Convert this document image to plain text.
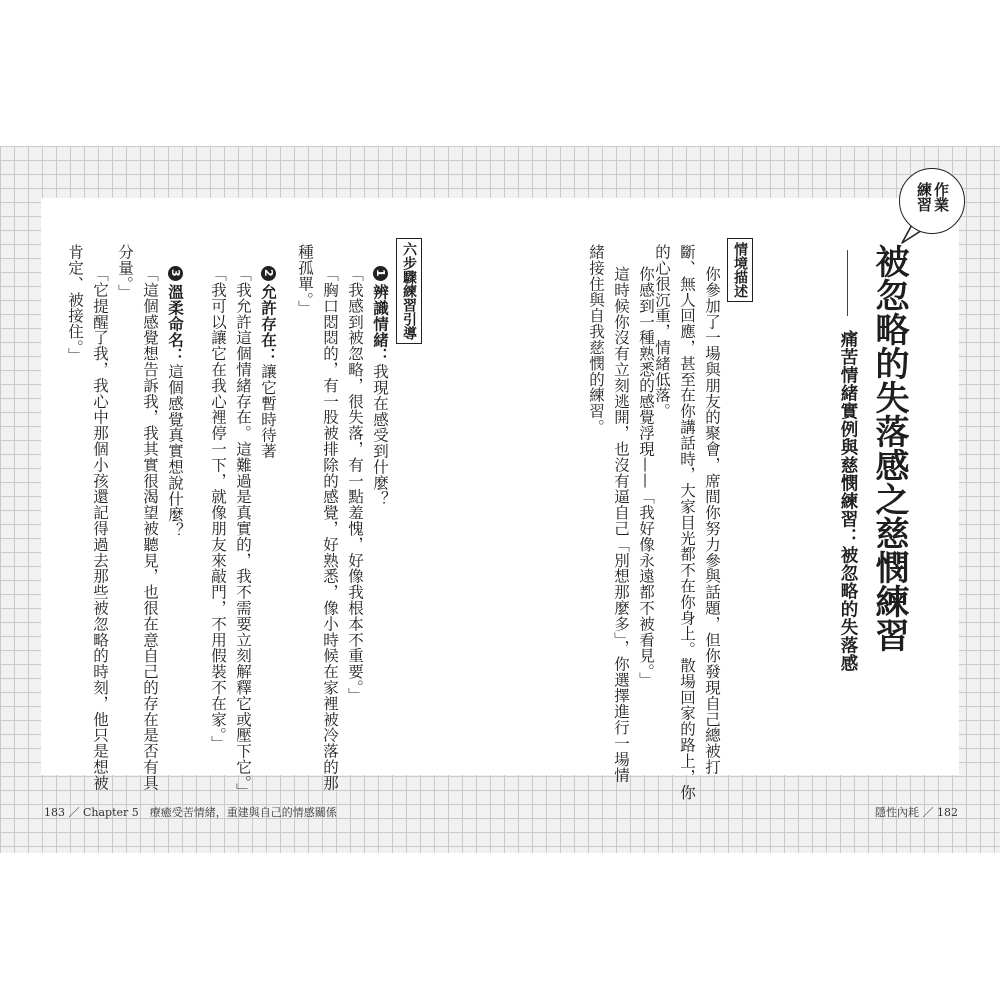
練習 作業
被忽略的失落感之慈憫練習
痛苦情緒實例與慈憫練習：被忽略的失落感
情境描述
你參加了一場與朋友的聚會，席間你努力參與話題，但你發現自己總被打
斷、無人回應，甚至在你講話時，大家目光都不在你身上。散場回家的路上，你
的心很沉重，情緒低落。
你感到一種熟悉的感覺浮現——「我好像永遠都不被看見。」
這時候你沒有立刻逃開，也沒有逼自己「別想那麼多」，你選擇進行一場情
緒接住與自我慈憫的練習。
六步驟練習引導
1辨識情緒：我現在感受到什麼？
「我感到被忽略，很失落，有一點羞愧，好像我根本不重要。」
「胸口悶悶的，有一股被排除的感覺，好熟悉，像小時候在家裡被冷落的那
種孤單。」
2允許存在：讓它暫時待著
「我允許這個情緒存在。這難過是真實的，我不需要立刻解釋它或壓下它。」
「我可以讓它在我心裡停一下，就像朋友來敲門，不用假裝不在家。」
3溫柔命名：這個感覺真實想說什麼？
「這個感覺想告訴我，我其實很渴望被聽見，也很在意自己的存在是否有具
分量。」
「它提醒了我，我心中那個小孩還記得過去那些被忽略的時刻，他只是想被
肯定、被接住。」
183 ／ Chapter 5　療癒受苦情緒，重建與自己的情感關係	隱性內耗 ／ 182
